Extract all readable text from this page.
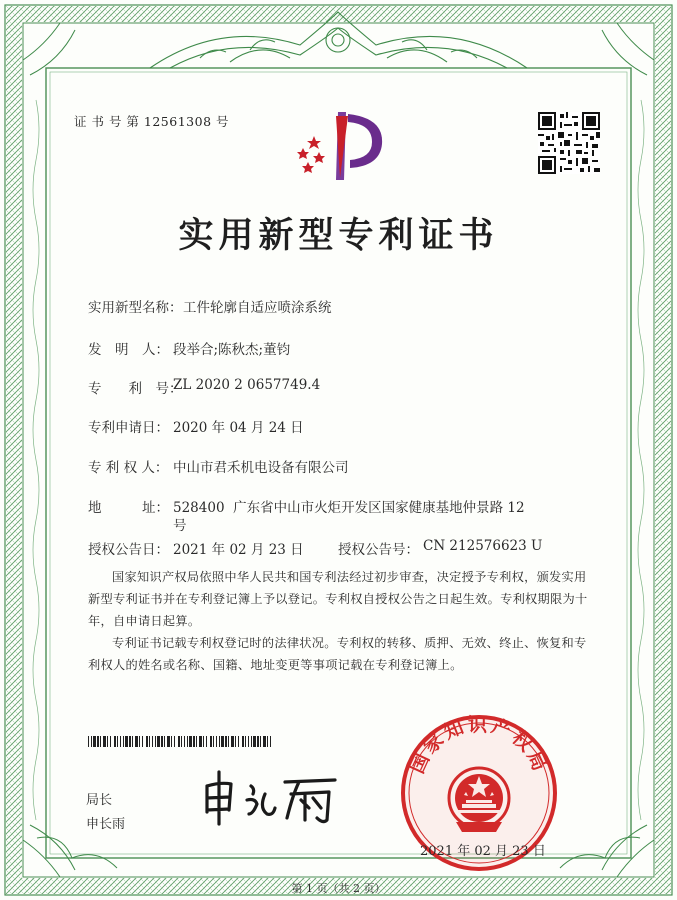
证 书 号 第 12561308 号
实用新型专利证书
实用新型名称： 工件轮廓自适应喷涂系统
发　明　人： 段举合;陈秋杰;董钧
专　　利　号：
ZL 2020 2 0657749.4
专利申请日： 2020 年 04 月 24 日
专 利 权 人： 中山市君禾机电设备有限公司
地　　　址： 528400  广东省中山市火炬开发区国家健康基地仲景路 12
号
授权公告日： 2021 年 02 月 23 日	授权公告号： CN 212576623 U
国家知识产权局依照中华人民共和国专利法经过初步审查，决定授予专利权，颁发实用新型专利证书并在专利登记簿上予以登记。专利权自授权公告之日起生效。专利权期限为十年，自申请日起算。
专利证书记载专利权登记时的法律状况。专利权的转移、质押、无效、终止、恢复和专利权人的姓名或名称、国籍、地址变更等事项记载在专利登记簿上。
局长
申长雨
国家知识产权局
2021 年 02 月 23 日
第 1 页（共 2 页）
